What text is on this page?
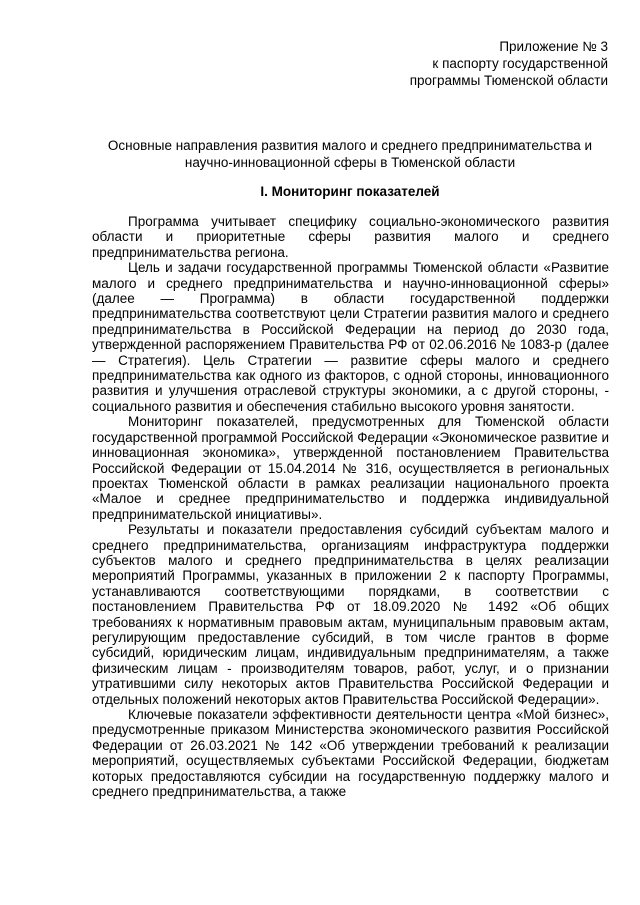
Приложение № 3
к паспорту государственной
программы Тюменской области
Основные направления развития малого и среднего предпринимательства и
научно-инновационной сферы в Тюменской области
I. Мониторинг показателей

Программа учитывает специфику социально-экономического развития области и приоритетные сферы развития малого и среднего предпринимательства региона.

Цель и задачи государственной программы Тюменской области «Развитие малого и среднего предпринимательства и научно-инновационной сферы» (далее — Программа) в области государственной поддержки предпринимательства соответствуют цели Стратегии развития малого и среднего предпринимательства в Российской Федерации на период до 2030 года, утвержденной распоряжением Правительства РФ от 02.06.2016 № 1083-р (далее — Стратегия). Цель Стратегии — развитие сферы малого и среднего предпринимательства как одного из факторов, с одной стороны, инновационного развития и улучшения отраслевой структуры экономики, а с другой стороны, - социального развития и обеспечения стабильно высокого уровня занятости.

Мониторинг показателей, предусмотренных для Тюменской области государственной программой Российской Федерации «Экономическое развитие и инновационная экономика», утвержденной постановлением Правительства Российской Федерации от 15.04.2014 № 316, осуществляется в региональных проектах Тюменской области в рамках реализации национального проекта «Малое и среднее предпринимательство и поддержка индивидуальной предпринимательской инициативы».

Результаты и показатели предоставления субсидий субъектам малого и среднего предпринимательства, организациям инфраструктура поддержки субъектов малого и среднего предпринимательства в целях реализации мероприятий Программы, указанных в приложении 2 к паспорту Программы, устанавливаются соответствующими порядками, в соответствии с постановлением Правительства РФ от 18.09.2020 № 1492 «Об общих требованиях к нормативным правовым актам, муниципальным правовым актам, регулирующим предоставление субсидий, в том числе грантов в форме субсидий, юридическим лицам, индивидуальным предпринимателям, а также физическим лицам - производителям товаров, работ, услуг, и о признании утратившими силу некоторых актов Правительства Российской Федерации и отдельных положений некоторых актов Правительства Российской Федерации».

Ключевые показатели эффективности деятельности центра «Мой бизнес», предусмотренные приказом Министерства экономического развития Российской Федерации от 26.03.2021 № 142 «Об утверждении требований к реализации мероприятий, осуществляемых субъектами Российской Федерации, бюджетам которых предоставляются субсидии на государственную поддержку малого и среднего предпринимательства, а также
